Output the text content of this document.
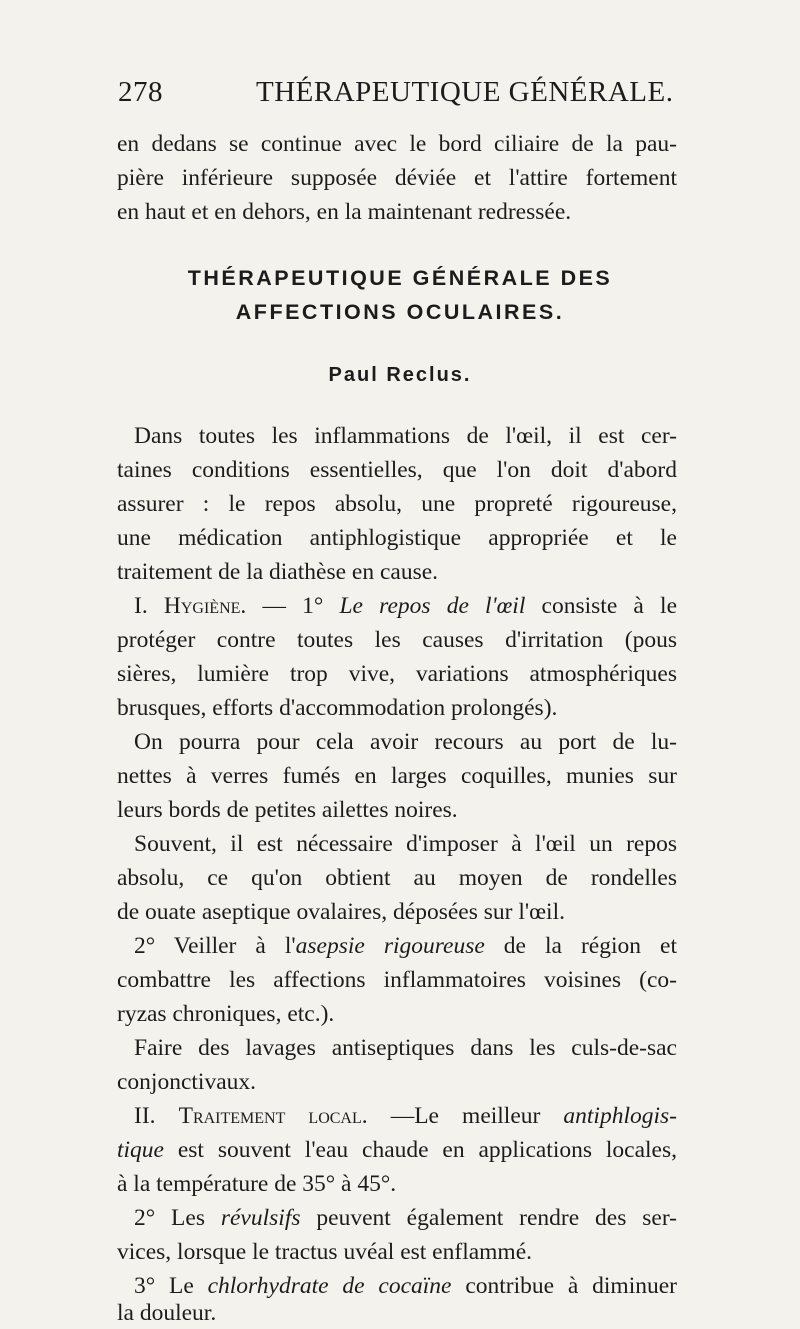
278	THÉRAPEUTIQUE GÉNÉRALE.
en dedans se continue avec le bord ciliaire de la pau-
pière inférieure supposée déviée et l'attire fortement
en haut et en dehors, en la maintenant redressée.
THÉRAPEUTIQUE GÉNÉRALE DES
AFFECTIONS OCULAIRES.
Paul Reclus.
Dans toutes les inflammations de l'œil, il est cer-
taines conditions essentielles, que l'on doit d'abord
assurer : le repos absolu, une propreté rigoureuse,
une médication antiphlogistique appropriée et le
traitement de la diathèse en cause.
I. Hygiène. — 1° Le repos de l'œil consiste à le
protéger contre toutes les causes d'irritation (pous
sières, lumière trop vive, variations atmosphériques
brusques, efforts d'accommodation prolongés).
On pourra pour cela avoir recours au port de lu-
nettes à verres fumés en larges coquilles, munies sur
leurs bords de petites ailettes noires.
Souvent, il est nécessaire d'imposer à l'œil un repos
absolu, ce qu'on obtient au moyen de rondelles
de ouate aseptique ovalaires, déposées sur l'œil.
2° Veiller à l'asepsie rigoureuse de la région et
combattre les affections inflammatoires voisines (co-
ryzas chroniques, etc.).
Faire des lavages antiseptiques dans les culs-de-sac
conjonctivaux.
II. Traitement local. —Le meilleur antiphlogis-
tique est souvent l'eau chaude en applications locales,
à la température de 35° à 45°.
2° Les révulsifs peuvent également rendre des ser-
vices, lorsque le tractus uvéal est enflammé.
3° Le chlorhydrate de cocaïne contribue à diminuer
la douleur.
